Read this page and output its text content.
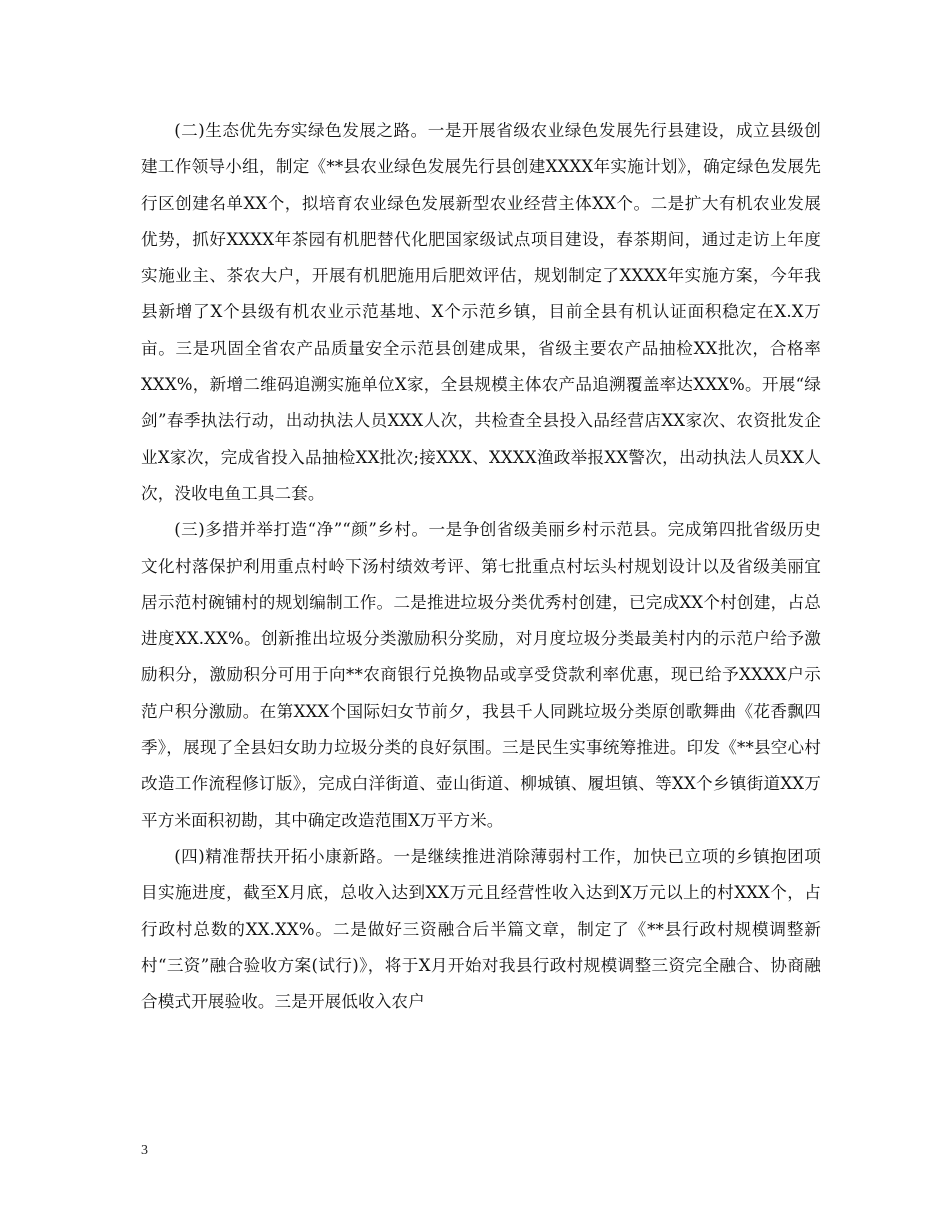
(二)生态优先夯实绿色发展之路。一是开展省级农业绿色发展先行县建设，成立县级创建工作领导小组，制定《**县农业绿色发展先行县创建XXXX年实施计划》，确定绿色发展先行区创建名单XX个，拟培育农业绿色发展新型农业经营主体XX个。二是扩大有机农业发展优势，抓好XXXX年茶园有机肥替代化肥国家级试点项目建设，春茶期间，通过走访上年度实施业主、茶农大户，开展有机肥施用后肥效评估，规划制定了XXXX年实施方案，今年我县新增了X个县级有机农业示范基地、X个示范乡镇，目前全县有机认证面积稳定在X.X万亩。三是巩固全省农产品质量安全示范县创建成果，省级主要农产品抽检XX批次，合格率XXX%，新增二维码追溯实施单位X家，全县规模主体农产品追溯覆盖率达XXX%。开展“绿剑”春季执法行动，出动执法人员XXX人次，共检查全县投入品经营店XX家次、农资批发企业X家次，完成省投入品抽检XX批次;接XXX、XXXX渔政举报XX警次，出动执法人员XX人次，没收电鱼工具二套。

(三)多措并举打造“净”“颜”乡村。一是争创省级美丽乡村示范县。完成第四批省级历史文化村落保护利用重点村岭下汤村绩效考评、第七批重点村坛头村规划设计以及省级美丽宜居示范村碗铺村的规划编制工作。二是推进垃圾分类优秀村创建，已完成XX个村创建，占总进度XX.XX%。创新推出垃圾分类激励积分奖励，对月度垃圾分类最美村内的示范户给予激励积分，激励积分可用于向**农商银行兑换物品或享受贷款利率优惠，现已给予XXXX户示范户积分激励。在第XXX个国际妇女节前夕，我县千人同跳垃圾分类原创歌舞曲《花香飘四季》，展现了全县妇女助力垃圾分类的良好氛围。三是民生实事统筹推进。印发《**县空心村改造工作流程修订版》，完成白洋街道、壶山街道、柳城镇、履坦镇、等XX个乡镇街道XX万平方米面积初勘，其中确定改造范围X万平方米。

(四)精准帮扶开拓小康新路。一是继续推进消除薄弱村工作，加快已立项的乡镇抱团项目实施进度，截至X月底，总收入达到XX万元且经营性收入达到X万元以上的村XXX个，占行政村总数的XX.XX%。二是做好三资融合后半篇文章，制定了《**县行政村规模调整新村“三资”融合验收方案(试行)》，将于X月开始对我县行政村规模调整三资完全融合、协商融合模式开展验收。三是开展低收入农户

3
